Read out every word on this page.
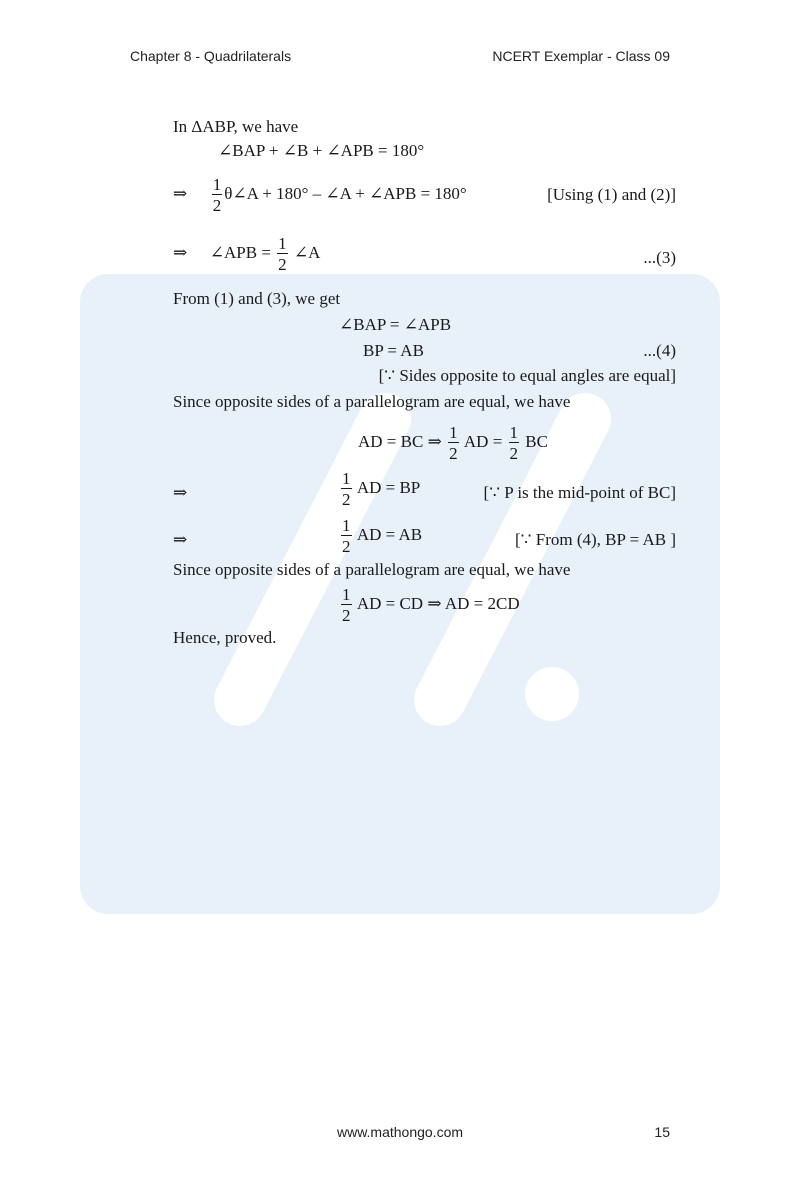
Chapter 8 - Quadrilaterals	NCERT Exemplar - Class 09
In ΔABP, we have
∠BAP + ∠B + ∠APB = 180°
⇒ $\frac{1}{2}$ θ∠A + 180° – ∠A + ∠APB = 180°	[Using (1) and (2)]
⇒ ∠APB = $\frac{1}{2}$ ∠A	...(3)
From (1) and (3), we get
∠BAP = ∠APB
BP = AB	...(4)
[∵ Sides opposite to equal angles are equal]
Since opposite sides of a parallelogram are equal, we have
AD = BC ⇒ $\frac{1}{2}$ AD = $\frac{1}{2}$ BC
⇒	$\frac{1}{2}$ AD = BP	[∵ P is the mid-point of BC]
⇒	$\frac{1}{2}$ AD = AB	[∵ From (4), BP = AB ]
Since opposite sides of a parallelogram are equal, we have
$\frac{1}{2}$ AD = CD ⇒ AD = 2CD
Hence, proved.
www.mathongo.com	15
